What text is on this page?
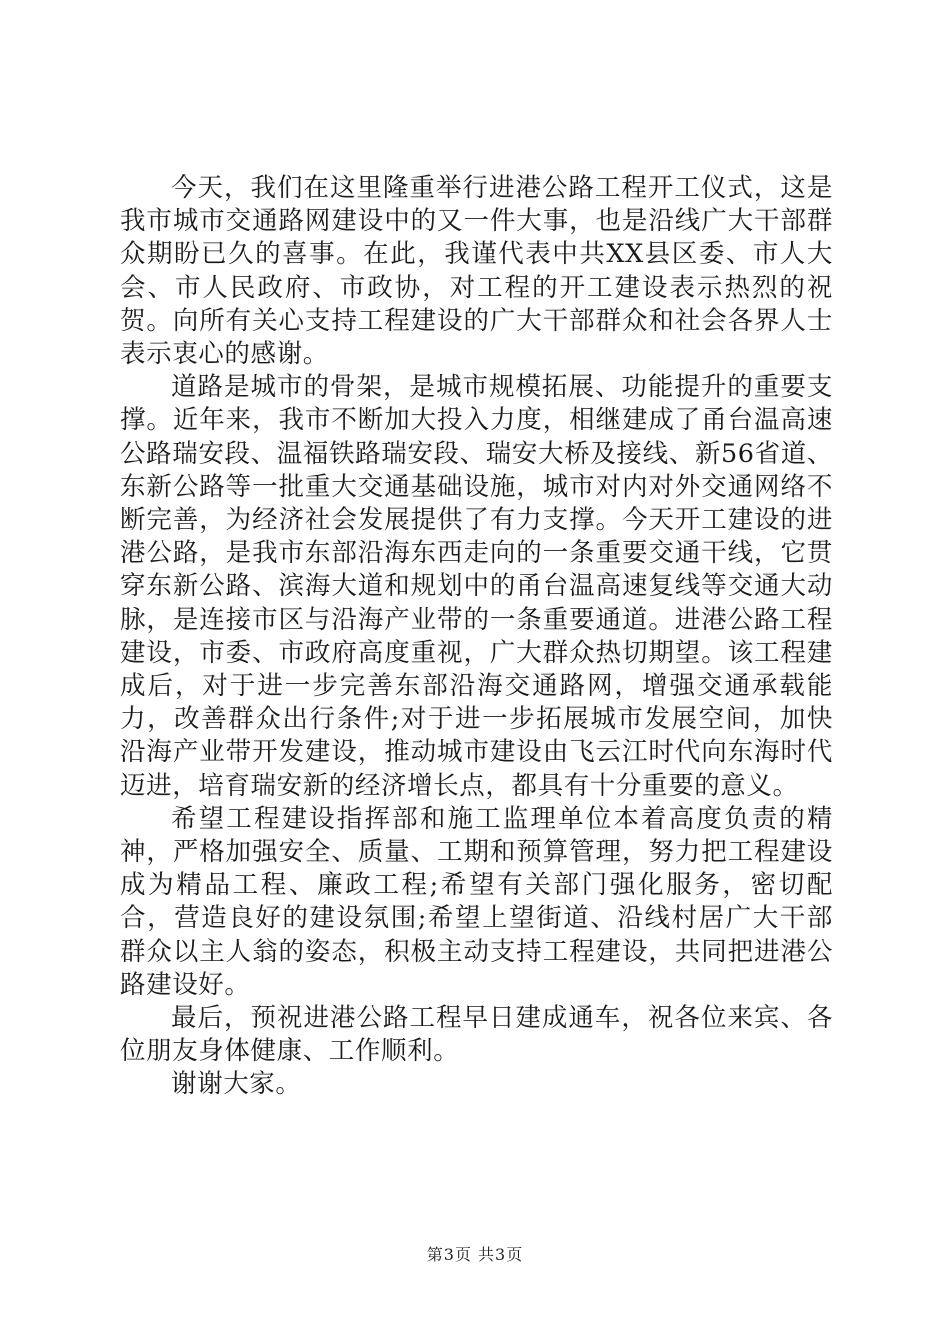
今天，我们在这里隆重举行进港公路工程开工仪式，这是我市城市交通路网建设中的又一件大事，也是沿线广大干部群众期盼已久的喜事。在此，我谨代表中共XX县区委、市人大会、市人民政府、市政协，对工程的开工建设表示热烈的祝贺。向所有关心支持工程建设的广大干部群众和社会各界人士表示衷心的感谢。

道路是城市的骨架，是城市规模拓展、功能提升的重要支撑。近年来，我市不断加大投入力度，相继建成了甬台温高速公路瑞安段、温福铁路瑞安段、瑞安大桥及接线、新56省道、东新公路等一批重大交通基础设施，城市对内对外交通网络不断完善，为经济社会发展提供了有力支撑。今天开工建设的进港公路，是我市东部沿海东西走向的一条重要交通干线，它贯穿东新公路、滨海大道和规划中的甬台温高速复线等交通大动脉，是连接市区与沿海产业带的一条重要通道。进港公路工程建设，市委、市政府高度重视，广大群众热切期望。该工程建成后，对于进一步完善东部沿海交通路网，增强交通承载能力，改善群众出行条件;对于进一步拓展城市发展空间，加快沿海产业带开发建设，推动城市建设由飞云江时代向东海时代迈进，培育瑞安新的经济增长点，都具有十分重要的意义。

希望工程建设指挥部和施工监理单位本着高度负责的精神，严格加强安全、质量、工期和预算管理，努力把工程建设成为精品工程、廉政工程;希望有关部门强化服务，密切配合，营造良好的建设氛围;希望上望街道、沿线村居广大干部群众以主人翁的姿态，积极主动支持工程建设，共同把进港公路建设好。

最后，预祝进港公路工程早日建成通车，祝各位来宾、各位朋友身体健康、工作顺利。

谢谢大家。

第3页 共3页
